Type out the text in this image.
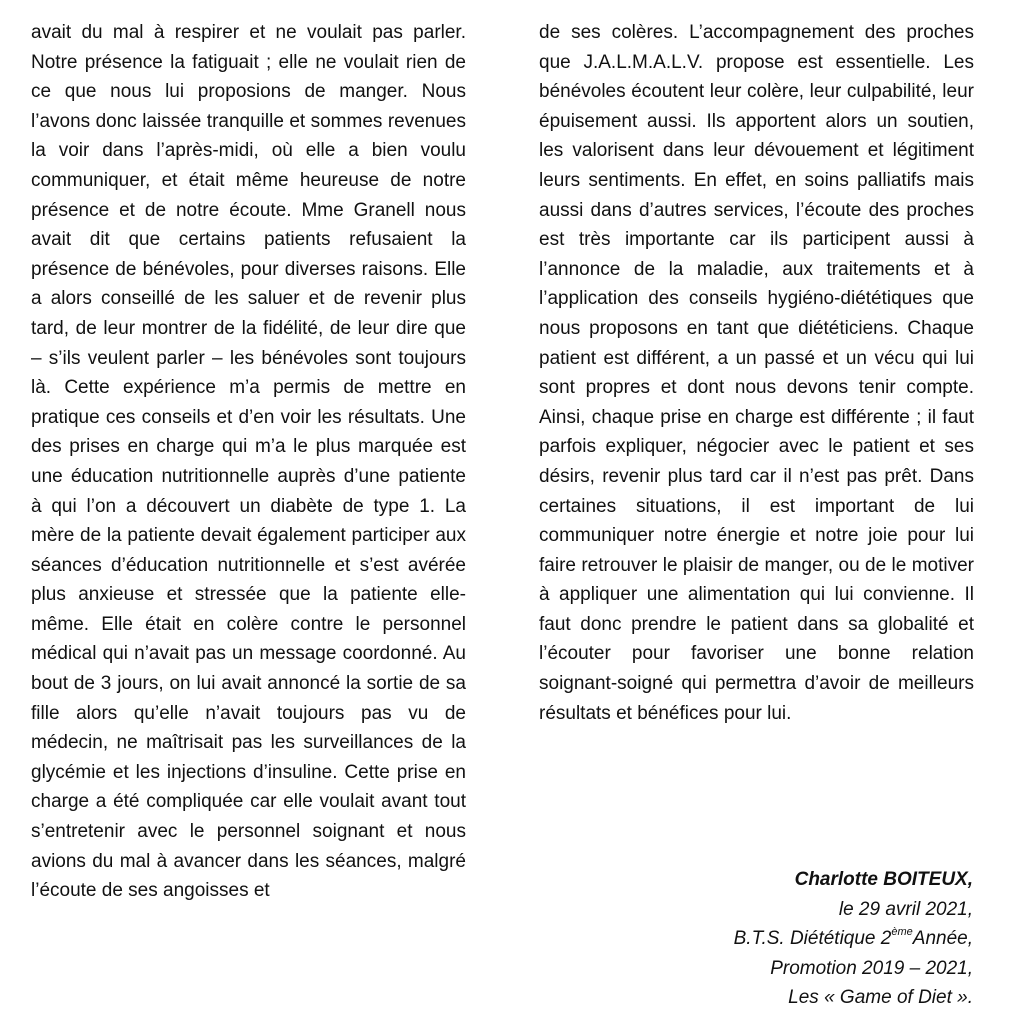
avait du mal à respirer et ne voulait pas parler. Notre présence la fatiguait ; elle ne voulait rien de ce que nous lui proposions de manger. Nous l’avons donc laissée tranquille et sommes revenues la voir dans l’après-midi, où elle a bien voulu communiquer, et était même heureuse de notre présence et de notre écoute. Mme Granell nous avait dit que certains patients refusaient la présence de bénévoles, pour diverses raisons. Elle a alors conseillé de les saluer et de revenir plus tard, de leur montrer de la fidélité, de leur dire que – s’ils veulent parler – les bénévoles sont toujours là. Cette expérience m’a permis de mettre en pratique ces conseils et d’en voir les résultats. Une des prises en charge qui m’a le plus marquée est une éducation nutritionnelle auprès d’une patiente à qui l’on a découvert un diabète de type 1. La mère de la patiente devait également participer aux séances d’éducation nutritionnelle et s’est avérée plus anxieuse et stressée que la patiente elle-même. Elle était en colère contre le personnel médical qui n’avait pas un message coordonné. Au bout de 3 jours, on lui avait annoncé la sortie de sa fille alors qu’elle n’avait toujours pas vu de médecin, ne maîtrisait pas les surveillances de la glycémie et les injections d’insuline. Cette prise en charge a été compliquée car elle voulait avant tout s’entretenir avec le personnel soignant et nous avions du mal à avancer dans les séances, malgré l’écoute de ses angoisses et

de ses colères. L’accompagnement des proches que J.A.L.M.A.L.V. propose est essentielle. Les bénévoles écoutent leur colère, leur culpabilité, leur épuisement aussi. Ils apportent alors un soutien, les valorisent dans leur dévouement et légitiment leurs sentiments. En effet, en soins palliatifs mais aussi dans d’autres services, l’écoute des proches est très importante car ils participent aussi à l’annonce de la maladie, aux traitements et à l’application des conseils hygiéno-diététiques que nous proposons en tant que diététiciens. Chaque patient est différent, a un passé et un vécu qui lui sont propres et dont nous devons tenir compte. Ainsi, chaque prise en charge est différente ; il faut parfois expliquer, négocier avec le patient et ses désirs, revenir plus tard car il n’est pas prêt. Dans certaines situations, il est important de lui communiquer notre énergie et notre joie pour lui faire retrouver le plaisir de manger, ou de le motiver à appliquer une alimentation qui lui convienne. Il faut donc prendre le patient dans sa globalité et l’écouter pour favoriser une bonne relation soignant-soigné qui permettra d’avoir de meilleurs résultats et bénéfices pour lui.

Charlotte BOITEUX,
le 29 avril 2021,
B.T.S. Diététique 2èmeAnnée,
Promotion 2019 – 2021,
Les « Game of Diet ».
